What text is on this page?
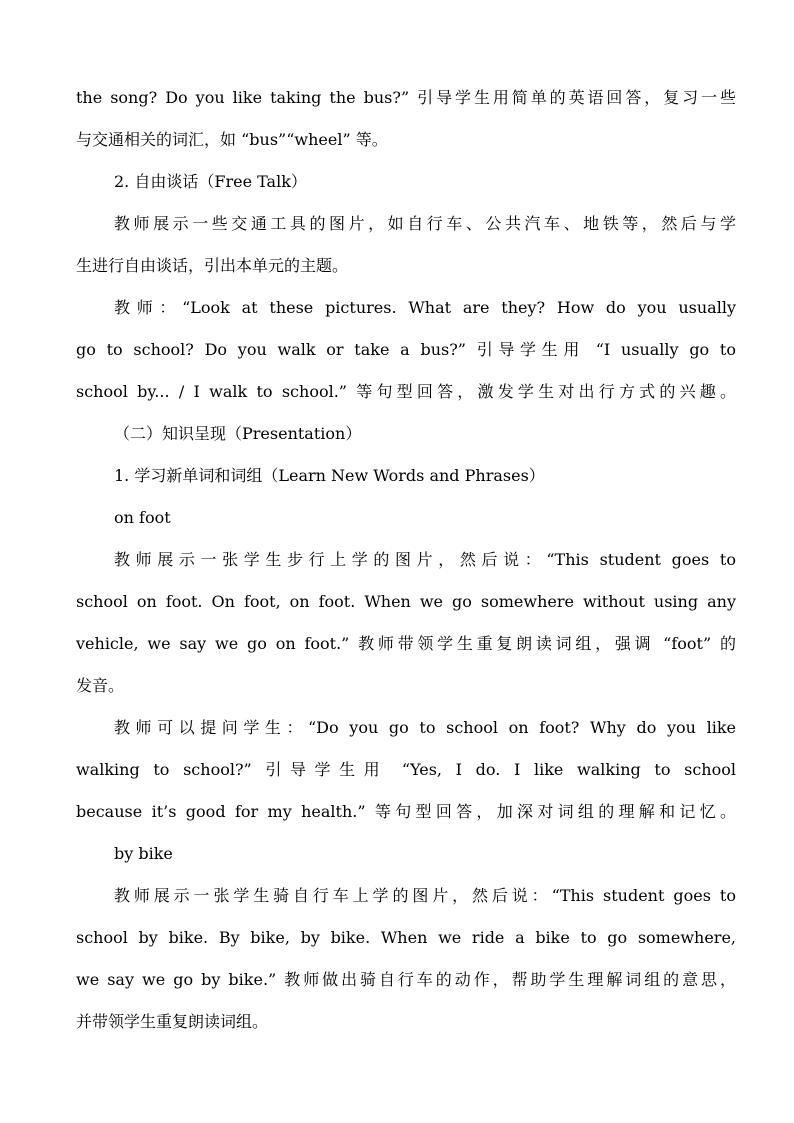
the song? Do you like taking the bus?” 引导学生用简单的英语回答，复习一些
与交通相关的词汇，如 “bus”“wheel” 等。
2. 自由谈话（Free Talk）
教师展示一些交通工具的图片，如自行车、公共汽车、地铁等，然后与学
生进行自由谈话，引出本单元的主题。
教师：“Look at these pictures. What are they? How do you usually
go to school? Do you walk or take a bus?” 引导学生用 “I usually go to
school by... / I walk to school.” 等句型回答，激发学生对出行方式的兴趣。
（二）知识呈现（Presentation）
1. 学习新单词和词组（Learn New Words and Phrases）
on foot
教师展示一张学生步行上学的图片，然后说：“This student goes to
school on foot. On foot, on foot. When we go somewhere without using any
vehicle, we say we go on foot.” 教师带领学生重复朗读词组，强调 “foot” 的
发音。
教师可以提问学生：“Do you go to school on foot? Why do you like
walking to school?” 引导学生用 “Yes, I do. I like walking to school
because it’s good for my health.” 等句型回答，加深对词组的理解和记忆。
by bike
教师展示一张学生骑自行车上学的图片，然后说：“This student goes to
school by bike. By bike, by bike. When we ride a bike to go somewhere,
we say we go by bike.” 教师做出骑自行车的动作，帮助学生理解词组的意思，
并带领学生重复朗读词组。
